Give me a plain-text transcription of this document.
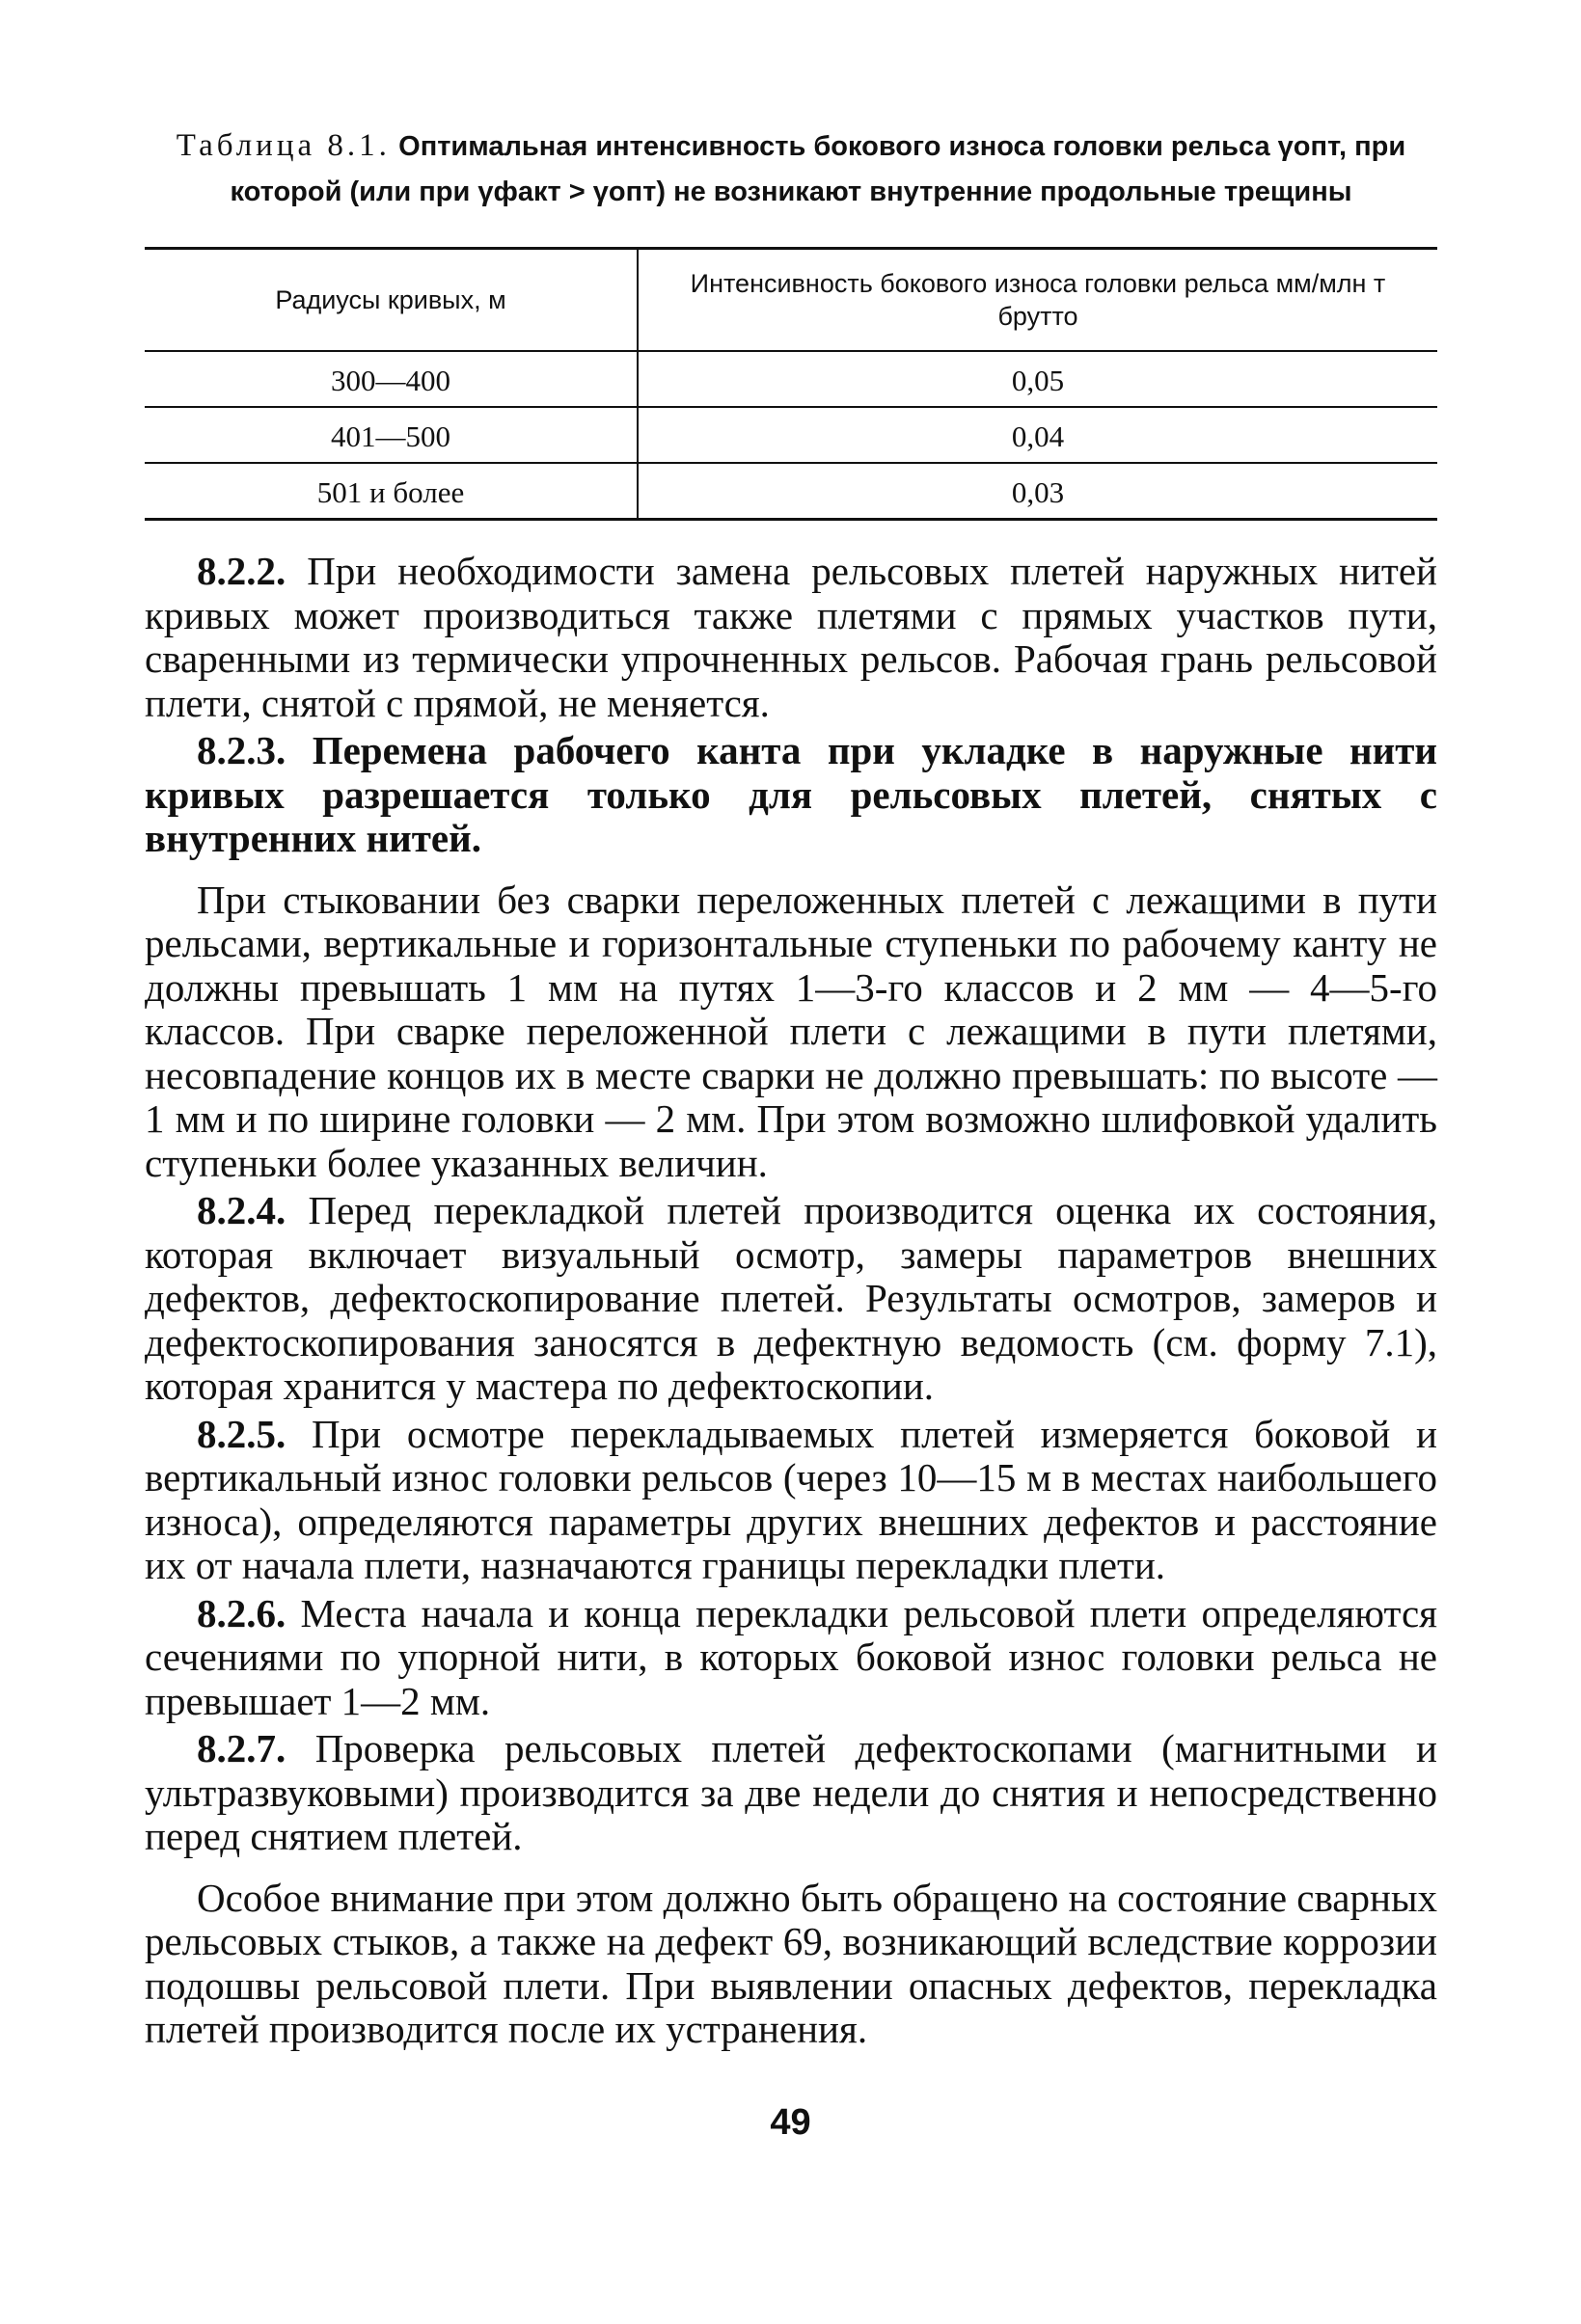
Таблица 8.1. Оптимальная интенсивность бокового износа головки рельса γопт, при которой (или при γфакт > γопт) не возникают внутренние продольные трещины
Радиусы кривых, м	Интенсивность бокового износа головки рельса мм/млн т брутто
300—400	0,05
401—500	0,04
501 и более	0,03

8.2.2. При необходимости замена рельсовых плетей наружных нитей кривых может производиться также плетями с прямых участков пути, сваренными из термически упрочненных рельсов. Рабочая грань рельсовой плети, снятой с прямой, не меняется.

8.2.3. Перемена рабочего канта при укладке в наружные нити кривых разрешается только для рельсовых плетей, снятых с внутренних нитей.

При стыковании без сварки переложенных плетей с лежащими в пути рельсами, вертикальные и горизонтальные ступеньки по рабочему канту не должны превышать 1 мм на путях 1—3-го классов и 2 мм — 4—5-го классов. При сварке переложенной плети с лежащими в пути плетями, несовпадение концов их в месте сварки не должно превышать: по высоте — 1 мм и по ширине головки — 2 мм. При этом возможно шлифовкой удалить ступеньки более указанных величин.

8.2.4. Перед перекладкой плетей производится оценка их состояния, которая включает визуальный осмотр, замеры параметров внешних дефектов, дефектоскопирование плетей. Результаты осмотров, замеров и дефектоскопирования заносятся в дефектную ведомость (см. форму 7.1), которая хранится у мастера по дефектоскопии.

8.2.5. При осмотре перекладываемых плетей измеряется боковой и вертикальный износ головки рельсов (через 10—15 м в местах наибольшего износа), определяются параметры других внешних дефектов и расстояние их от начала плети, назначаются границы перекладки плети.

8.2.6. Места начала и конца перекладки рельсовой плети определяются сечениями по упорной нити, в которых боковой износ головки рельса не превышает 1—2 мм.

8.2.7. Проверка рельсовых плетей дефектоскопами (магнитными и ультразвуковыми) производится за две недели до снятия и непосредственно перед снятием плетей.

Особое внимание при этом должно быть обращено на состояние сварных рельсовых стыков, а также на дефект 69, возникающий вследствие коррозии подошвы рельсовой плети. При выявлении опасных дефектов, перекладка плетей производится после их устранения.

49
